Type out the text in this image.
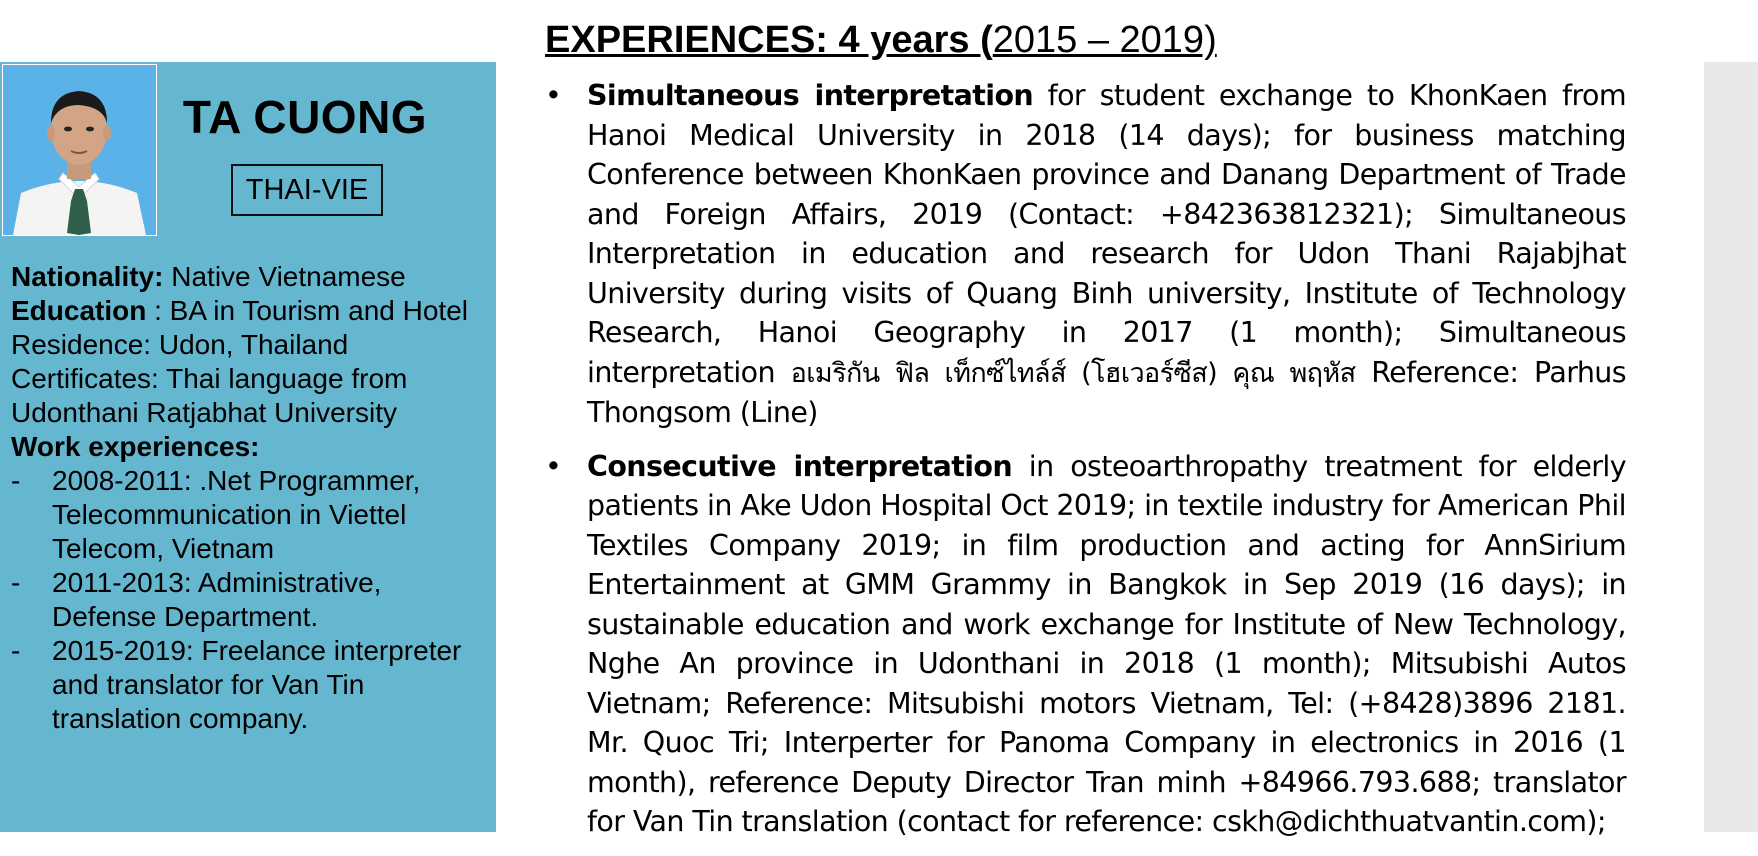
TA CUONG
THAI-VIE
Nationality: Native Vietnamese
Education : BA in Tourism and Hotel
Residence: Udon, Thailand
Certificates: Thai language from Udonthani Ratjabhat University
Work experiences:
- 2008-2011: .Net Programmer, Telecommunication in Viettel Telecom, Vietnam
- 2011-2013: Administrative, Defense Department.
- 2015-2019: Freelance interpreter and translator for Van Tin translation company.
EXPERIENCES: 4 years (2015 – 2019)
• Simultaneous interpretation for student exchange to KhonKaen from Hanoi Medical University in 2018 (14 days); for business matching Conference between KhonKaen province and Danang Department of Trade and Foreign Affairs, 2019 (Contact: +842363812321); Simultaneous Interpretation in education and research for Udon Thani Rajabjhat University during visits of Quang Binh university, Institute of Technology Research, Hanoi Geography in 2017 (1 month); Simultaneous interpretation อเมริกัน ฟิล เท็กซ์ไทล์ส์ (โฮเวอร์ซีส) คุณ พฤหัส Reference: Parhus Thongsom (Line)
• Consecutive interpretation in osteoarthropathy treatment for elderly patients in Ake Udon Hospital Oct 2019; in textile industry for American Phil Textiles Company 2019; in film production and acting for AnnSirium Entertainment at GMM Grammy in Bangkok in Sep 2019 (16 days); in sustainable education and work exchange for Institute of New Technology, Nghe An province in Udonthani in 2018 (1 month); Mitsubishi Autos Vietnam; Reference: Mitsubishi motors Vietnam, Tel: (+8428)3896 2181. Mr. Quoc Tri; Interperter for Panoma Company in electronics in 2016 (1 month), reference Deputy Director Tran minh +84966.793.688; translator for Van Tin translation (contact for reference: cskh@dichthuatvantin.com);
